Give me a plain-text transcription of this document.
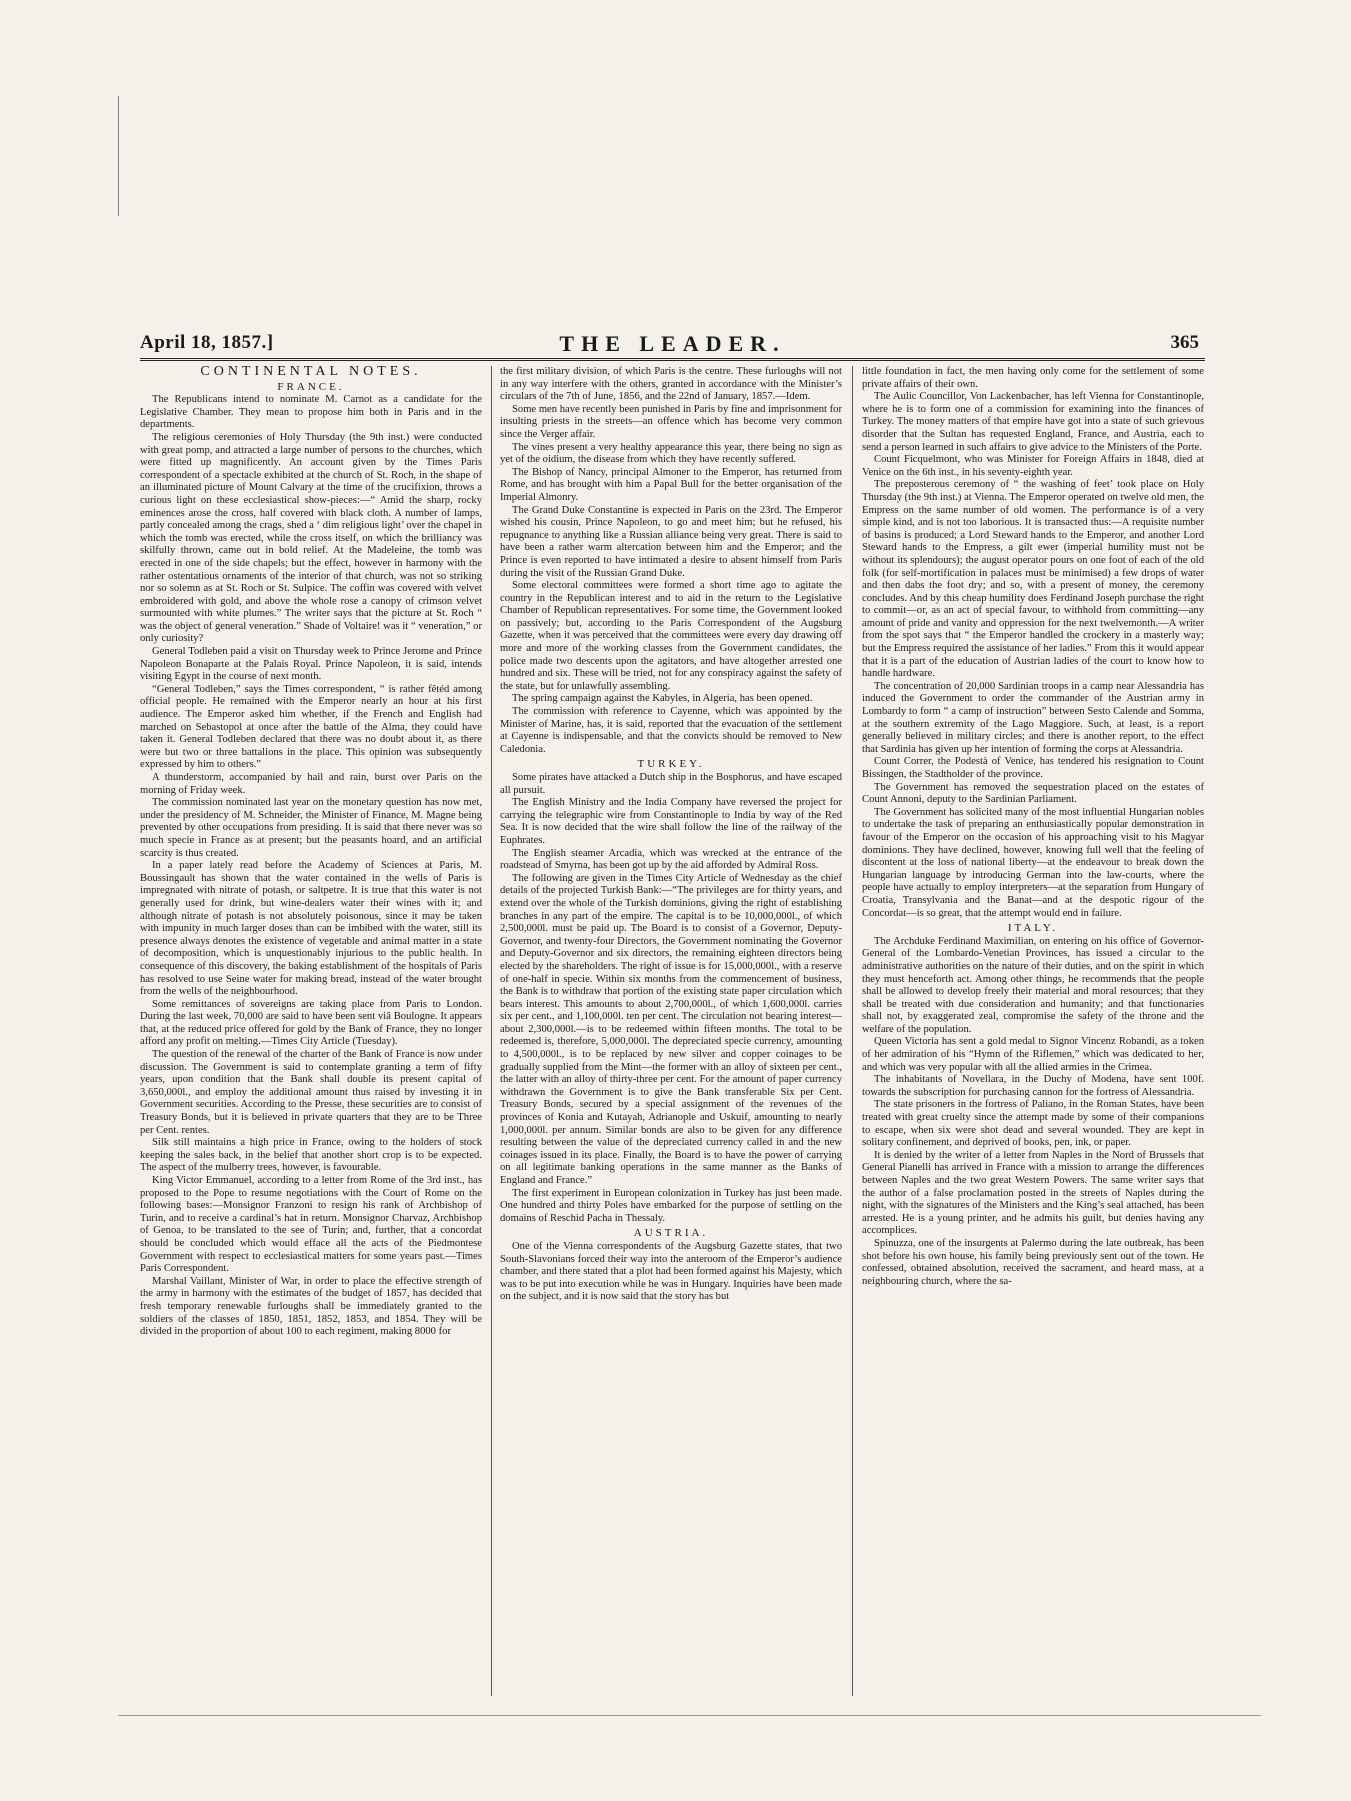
April 18, 1857.]	THE LEADER.	365
CONTINENTAL NOTES.
FRANCE.

The Republicans intend to nominate M. Carnot as a candidate for the Legislative Chamber. They mean to propose him both in Paris and in the departments.

The religious ceremonies of Holy Thursday (the 9th inst.) were conducted with great pomp, and attracted a large number of persons to the churches, which were fitted up magnificently. An account given by the Times Paris correspondent of a spectacle exhibited at the church of St. Roch, in the shape of an illuminated picture of Mount Calvary at the time of the crucifixion, throws a curious light on these ecclesiastical show-pieces:—“ Amid the sharp, rocky eminences arose the cross, half covered with black cloth. A number of lamps, partly concealed among the crags, shed a ‘ dim religious light’ over the chapel in which the tomb was erected, while the cross itself, on which the brilliancy was skilfully thrown, came out in bold relief. At the Madeleine, the tomb was erected in one of the side chapels; but the effect, however in harmony with the rather ostentatious ornaments of the interior of that church, was not so striking nor so solemn as at St. Roch or St. Sulpice. The coffin was covered with velvet embroidered with gold, and above the whole rose a canopy of crimson velvet surmounted with white plumes.” The writer says that the picture at St. Roch “ was the object of general veneration.” Shade of Voltaire! was it “ veneration,” or only curiosity?

General Todleben paid a visit on Thursday week to Prince Jerome and Prince Napoleon Bonaparte at the Palais Royal. Prince Napoleon, it is said, intends visiting Egypt in the course of next month.

“General Todleben,” says the Times correspondent, “ is rather fêtéd among official people. He remained with the Emperor nearly an hour at his first audience. The Emperor asked him whether, if the French and English had marched on Sebastopol at once after the battle of the Alma, they could have taken it. General Todleben declared that there was no doubt about it, as there were but two or three battalions in the place. This opinion was subsequently expressed by him to others.”

A thunderstorm, accompanied by hail and rain, burst over Paris on the morning of Friday week.

The commission nominated last year on the monetary question has now met, under the presidency of M. Schneider, the Minister of Finance, M. Magne being prevented by other occupations from presiding. It is said that there never was so much specie in France as at present; but the peasants hoard, and an artificial scarcity is thus created.

In a paper lately read before the Academy of Sciences at Paris, M. Boussingault has shown that the water contained in the wells of Paris is impregnated with nitrate of potash, or saltpetre. It is true that this water is not generally used for drink, but wine-dealers water their wines with it; and although nitrate of potash is not absolutely poisonous, since it may be taken with impunity in much larger doses than can be imbibed with the water, still its presence always denotes the existence of vegetable and animal matter in a state of decomposition, which is unquestionably injurious to the public health. In consequence of this discovery, the baking establishment of the hospitals of Paris has resolved to use Seine water for making bread, instead of the water brought from the wells of the neighbourhood.

Some remittances of sovereigns are taking place from Paris to London. During the last week, 70,000 are said to have been sent viâ Boulogne. It appears that, at the reduced price offered for gold by the Bank of France, they no longer afford any profit on melting.—Times City Article (Tuesday).

The question of the renewal of the charter of the Bank of France is now under discussion. The Government is said to contemplate granting a term of fifty years, upon condition that the Bank shall double its present capital of 3,650,000l., and employ the additional amount thus raised by investing it in Government securities. According to the Presse, these securities are to consist of Treasury Bonds, but it is believed in private quarters that they are to be Three per Cent. rentes.

Silk still maintains a high price in France, owing to the holders of stock keeping the sales back, in the belief that another short crop is to be expected. The aspect of the mulberry trees, however, is favourable.

King Victor Emmanuel, according to a letter from Rome of the 3rd inst., has proposed to the Pope to resume negotiations with the Court of Rome on the following bases:—Monsignor Franzoni to resign his rank of Archbishop of Turin, and to receive a cardinal’s hat in return. Monsignor Charvaz, Archbishop of Genoa, to be translated to the see of Turin; and, further, that a concordat should be concluded which would efface all the acts of the Piedmontese Government with respect to ecclesiastical matters for some years past.—Times Paris Correspondent.

Marshal Vaillant, Minister of War, in order to place the effective strength of the army in harmony with the estimates of the budget of 1857, has decided that fresh temporary renewable furloughs shall be immediately granted to the soldiers of the classes of 1850, 1851, 1852, 1853, and 1854. They will be divided in the proportion of about 100 to each regiment, making 8000 for

the first military division, of which Paris is the centre. These furloughs will not in any way interfere with the others, granted in accordance with the Minister’s circulars of the 7th of June, 1856, and the 22nd of January, 1857.—Idem.

Some men have recently been punished in Paris by fine and imprisonment for insulting priests in the streets—an offence which has become very common since the Verger affair.

The vines present a very healthy appearance this year, there being no sign as yet of the oidium, the disease from which they have recently suffered.

The Bishop of Nancy, principal Almoner to the Emperor, has returned from Rome, and has brought with him a Papal Bull for the better organisation of the Imperial Almonry.

The Grand Duke Constantine is expected in Paris on the 23rd. The Emperor wished his cousin, Prince Napoleon, to go and meet him; but he refused, his repugnance to anything like a Russian alliance being very great. There is said to have been a rather warm altercation between him and the Emperor; and the Prince is even reported to have intimated a desire to absent himself from Paris during the visit of the Russian Grand Duke.

Some electoral committees were formed a short time ago to agitate the country in the Republican interest and to aid in the return to the Legislative Chamber of Republican representatives. For some time, the Government looked on passively; but, according to the Paris Correspondent of the Augsburg Gazette, when it was perceived that the committees were every day drawing off more and more of the working classes from the Government candidates, the police made two descents upon the agitators, and have altogether arrested one hundred and six. These will be tried, not for any conspiracy against the safety of the state, but for unlawfully assembling.

The spring campaign against the Kabyles, in Algeria, has been opened.

The commission with reference to Cayenne, which was appointed by the Minister of Marine, has, it is said, reported that the evacuation of the settlement at Cayenne is indispensable, and that the convicts should be removed to New Caledonia.

TURKEY.

Some pirates have attacked a Dutch ship in the Bosphorus, and have escaped all pursuit.

The English Ministry and the India Company have reversed the project for carrying the telegraphic wire from Constantinople to India by way of the Red Sea. It is now decided that the wire shall follow the line of the railway of the Euphrates.

The English steamer Arcadia, which was wrecked at the entrance of the roadstead of Smyrna, has been got up by the aid afforded by Admiral Ross.

The following are given in the Times City Article of Wednesday as the chief details of the projected Turkish Bank:—“The privileges are for thirty years, and extend over the whole of the Turkish dominions, giving the right of establishing branches in any part of the empire. The capital is to be 10,000,000l., of which 2,500,000l. must be paid up. The Board is to consist of a Governor, Deputy-Governor, and twenty-four Directors, the Government nominating the Governor and Deputy-Governor and six directors, the remaining eighteen directors being elected by the shareholders. The right of issue is for 15,000,000l., with a reserve of one-half in specie. Within six months from the commencement of business, the Bank is to withdraw that portion of the existing state paper circulation which bears interest. This amounts to about 2,700,000l., of which 1,600,000l. carries six per cent., and 1,100,000l. ten per cent. The circulation not bearing interest—about 2,300,000l.—is to be redeemed within fifteen months. The total to be redeemed is, therefore, 5,000,000l. The depreciated specie currency, amounting to 4,500,000l., is to be replaced by new silver and copper coinages to be gradually supplied from the Mint—the former with an alloy of sixteen per cent., the latter with an alloy of thirty-three per cent. For the amount of paper currency withdrawn the Government is to give the Bank transferable Six per Cent. Treasury Bonds, secured by a special assignment of the revenues of the provinces of Konia and Kutayah, Adrianople and Uskuif, amounting to nearly 1,000,000l. per annum. Similar bonds are also to be given for any difference resulting between the value of the depreciated currency called in and the new coinages issued in its place. Finally, the Board is to have the power of carrying on all legitimate banking operations in the same manner as the Banks of England and France.”

The first experiment in European colonization in Turkey has just been made. One hundred and thirty Poles have embarked for the purpose of settling on the domains of Reschid Pacha in Thessaly.

AUSTRIA.

One of the Vienna correspondents of the Augsburg Gazette states, that two South-Slavonians forced their way into the anteroom of the Emperor’s audience chamber, and there stated that a plot had been formed against his Majesty, which was to be put into execution while he was in Hungary. Inquiries have been made on the subject, and it is now said that the story has but

little foundation in fact, the men having only come for the settlement of some private affairs of their own.

The Aulic Councillor, Von Lackenbacher, has left Vienna for Constantinople, where he is to form one of a commission for examining into the finances of Turkey. The money matters of that empire have got into a state of such grievous disorder that the Sultan has requested England, France, and Austria, each to send a person learned in such affairs to give advice to the Ministers of the Porte.

Count Ficquelmont, who was Minister for Foreign Affairs in 1848, died at Venice on the 6th inst., in his seventy-eighth year.

The preposterous ceremony of “ the washing of feet’ took place on Holy Thursday (the 9th inst.) at Vienna. The Emperor operated on twelve old men, the Empress on the same number of old women. The performance is of a very simple kind, and is not too laborious. It is transacted thus:—A requisite number of basins is produced; a Lord Steward hands to the Emperor, and another Lord Steward hands to the Empress, a gilt ewer (imperial humility must not be without its splendours); the august operator pours on one foot of each of the old folk (for self-mortification in palaces must be minimised) a few drops of water and then dabs the foot dry; and so, with a present of money, the ceremony concludes. And by this cheap humility does Ferdinand Joseph purchase the right to commit—or, as an act of special favour, to withhold from committing—any amount of pride and vanity and oppression for the next twelvemonth.—A writer from the spot says that “ the Emperor handled the crockery in a masterly way; but the Empress required the assistance of her ladies.” From this it would appear that it is a part of the education of Austrian ladies of the court to know how to handle hardware.

The concentration of 20,000 Sardinian troops in a camp near Alessandria has induced the Government to order the commander of the Austrian army in Lombardy to form “ a camp of instruction” between Sesto Calende and Somma, at the southern extremity of the Lago Maggiore. Such, at least, is a report generally believed in military circles; and there is another report, to the effect that Sardinia has given up her intention of forming the corps at Alessandria.

Count Correr, the Podestà of Venice, has tendered his resignation to Count Bissingen, the Stadtholder of the province.

The Government has removed the sequestration placed on the estates of Count Annoni, deputy to the Sardinian Parliament.

The Government has solicited many of the most influential Hungarian nobles to undertake the task of preparing an enthusiastically popular demonstration in favour of the Emperor on the occasion of his approaching visit to his Magyar dominions. They have declined, however, knowing full well that the feeling of discontent at the loss of national liberty—at the endeavour to break down the Hungarian language by introducing German into the law-courts, where the people have actually to employ interpreters—at the separation from Hungary of Croatia, Transylvania and the Banat—and at the despotic rigour of the Concordat—is so great, that the attempt would end in failure.

ITALY.

The Archduke Ferdinand Maximilian, on entering on his office of Governor-General of the Lombardo-Venetian Provinces, has issued a circular to the administrative authorities on the nature of their duties, and on the spirit in which they must henceforth act. Among other things, he recommends that the people shall be allowed to develop freely their material and moral resources; that they shall be treated with due consideration and humanity; and that functionaries shall not, by exaggerated zeal, compromise the safety of the throne and the welfare of the population.

Queen Victoria has sent a gold medal to Signor Vincenz Robandi, as a token of her admiration of his “Hymn of the Riflemen,” which was dedicated to her, and which was very popular with all the allied armies in the Crimea.

The inhabitants of Novellara, in the Duchy of Modena, have sent 100f. towards the subscription for purchasing cannon for the fortress of Alessandria.

The state prisoners in the fortress of Paliano, in the Roman States, have been treated with great cruelty since the attempt made by some of their companions to escape, when six were shot dead and several wounded. They are kept in solitary confinement, and deprived of books, pen, ink, or paper.

It is denied by the writer of a letter from Naples in the Nord of Brussels that General Pianelli has arrived in France with a mission to arrange the differences between Naples and the two great Western Powers. The same writer says that the author of a false proclamation posted in the streets of Naples during the night, with the signatures of the Ministers and the King’s seal attached, has been arrested. He is a young printer, and he admits his guilt, but denies having any accomplices.

Spinuzza, one of the insurgents at Palermo during the late outbreak, has been shot before his own house, his family being previously sent out of the town. He confessed, obtained absolution, received the sacrament, and heard mass, at a neighbouring church, where the sa-
